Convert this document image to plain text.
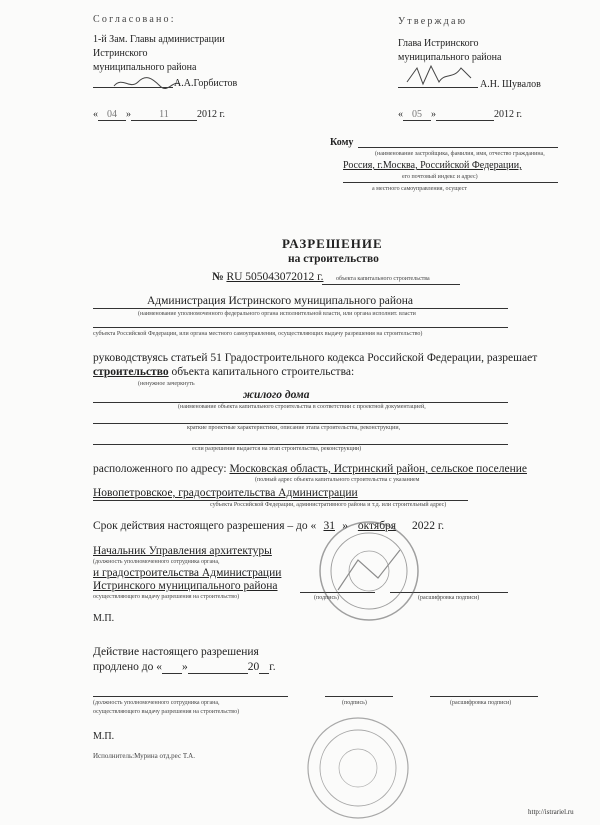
Согласовано:
1-й Зам. Главы администрации
Истринского
муниципального района
А.А.Горбистов
« 04 »	11	2012 г.
Утверждаю
Глава Истринского
муниципального района
А.Н. Шувалов
« 05 »	2012 г.
Кому
(наименование застройщика, фамилия, имя, отчество гражданина,
Россия, г.Москва, Российской Федерации,
его почтовый индекс и адрес)
а местного самоуправления, осущест
РАЗРЕШЕНИЕ
на строительство
№ RU 505043072012 г. объекта капитального строительства
Администрация Истринского муниципального района
(наименование уполномоченного федерального органа исполнительной власти, или органа исполнит. власти
субъекта Российской Федерации, или органа местного самоуправления, осуществляющих выдачу разрешения на строительство)
руководствуясь статьей 51 Градостроительного кодекса Российской Федерации, разрешает
строительство объекта капитального строительства:
(ненужное зачеркнуть
жилого дома
(наименование объекта капитального строительства в соответствии с проектной документацией,
краткие проектные характеристики, описание этапа строительства, реконструкции,
если разрешение выдается на этап строительства, реконструкции)
расположенного по адресу: Московская область, Истринский район, сельское поселение
(полный адрес объекта капитального строительства с указанием
Новопетровское, градостроительства Администрации
субъекта Российской Федерации, административного района и т.д. или строительный адрес)
Срок действия настоящего разрешения – до « 31 » октября 2022 г.
Начальник Управления архитектуры
(должность уполномоченного сотрудника органа,
и градостроительства Администрации
Истринского муниципального района
осуществляющего выдачу разрешения на строительство)	(подпись)	(расшифровка подписи)
М.П.
Действие настоящего разрешения
продлено до « »	20 г.
(должность уполномоченного сотрудника органа,
осуществляющего выдачу разрешения на строительство)
(подпись)	(расшифровка подписи)
М.П.
Исполнитель:Мурина отд.рес Т.А.
http://istrariel.ru
